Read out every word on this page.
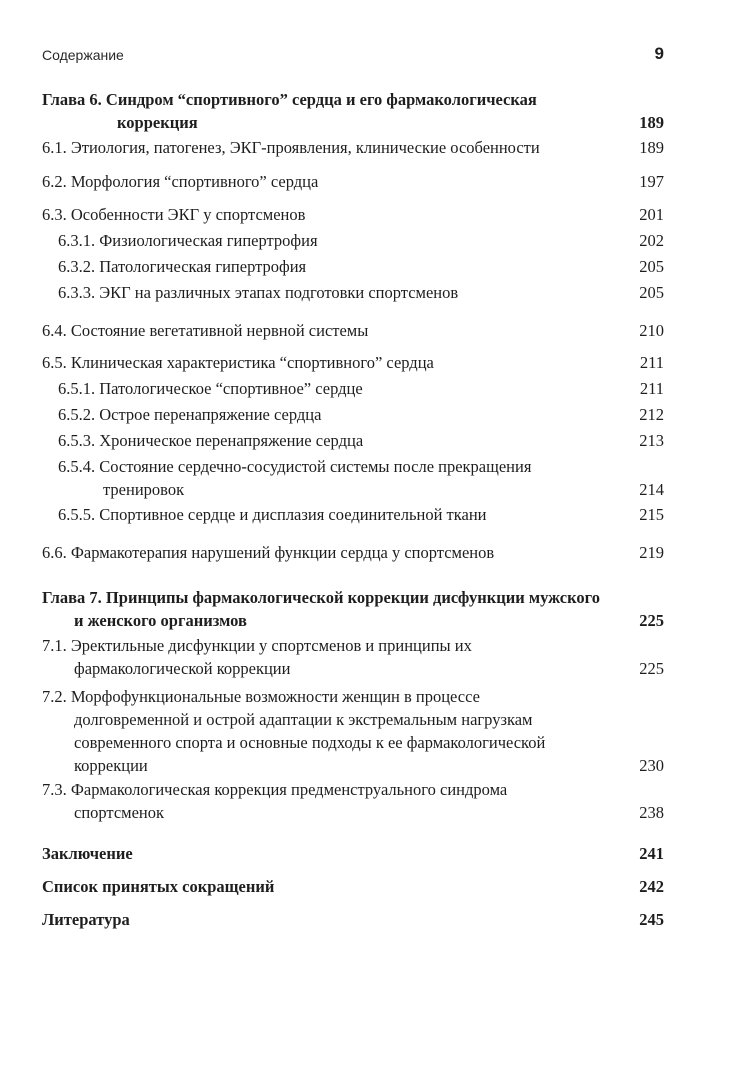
Содержание	9
Глава 6. Синдром “спортивного” сердца и его фармакологическая
коррекция	189
6.1. Этиология, патогенез, ЭКГ-проявления, клинические особенности	189
6.2. Морфология “спортивного” сердца	197
6.3. Особенности ЭКГ у спортсменов	201
6.3.1. Физиологическая гипертрофия	202
6.3.2. Патологическая гипертрофия	205
6.3.3. ЭКГ на различных этапах подготовки спортсменов	205
6.4. Состояние вегетативной нервной системы	210
6.5. Клиническая характеристика “спортивного” сердца	211
6.5.1. Патологическое “спортивное” сердце	211
6.5.2. Острое перенапряжение сердца	212
6.5.3. Хроническое перенапряжение сердца	213
6.5.4. Состояние сердечно-сосудистой системы после прекращения
тренировок	214
6.5.5. Спортивное сердце и дисплазия соединительной ткани	215
6.6. Фармакотерапия нарушений функции сердца у спортсменов	219
Глава 7. Принципы фармакологической коррекции дисфункции мужского
и женского организмов	225
7.1. Эректильные дисфункции у спортсменов и принципы их
фармакологической коррекции	225
7.2. Морфофункциональные возможности женщин в процессе
долговременной и острой адаптации к экстремальным нагрузкам
современного спорта и основные подходы к ее фармакологической
коррекции	230
7.3. Фармакологическая коррекция предменструального синдрома
спортсменок	238
Заключение	241
Список принятых сокращений	242
Литература	245
